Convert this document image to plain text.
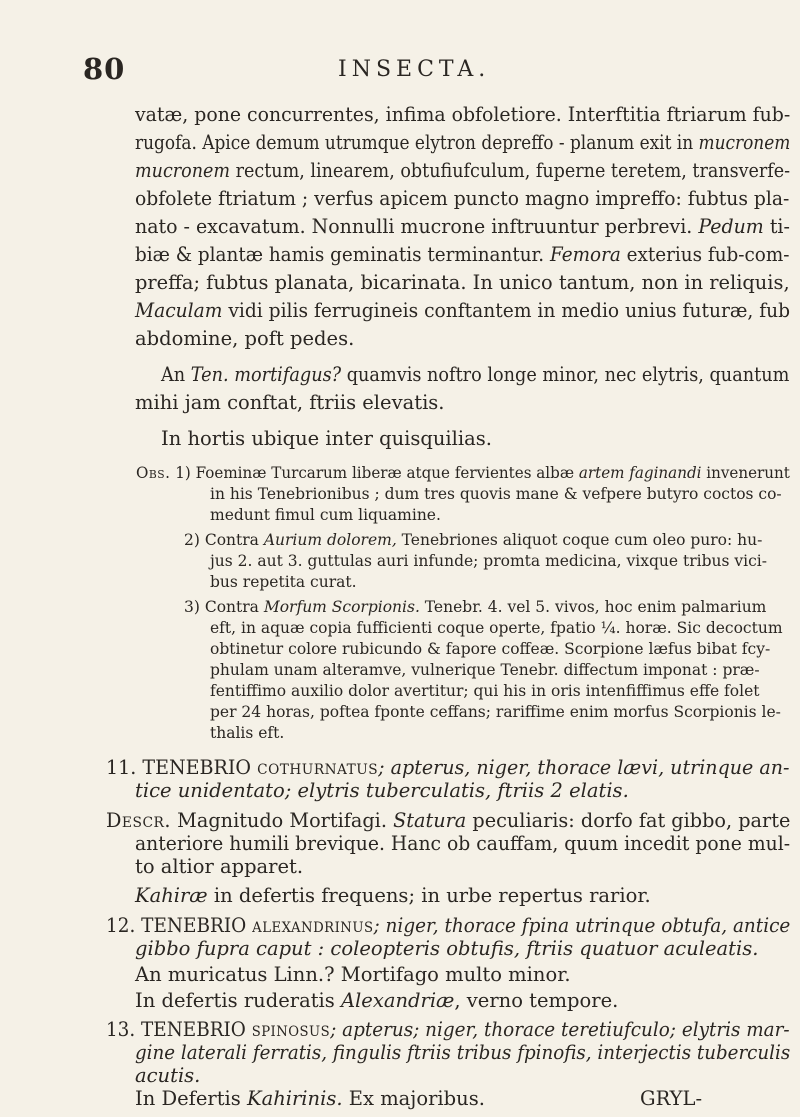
80	INSECTA.
vatæ, pone concurrentes, infima obfoletiore. Interftitia ftriarum fub-
rugofa. Apice demum utrumque elytron depreffo - planum exit in mucronem
mucronem rectum, linearem, obtufiufculum, fuperne teretem, transverfe-
obfolete ftriatum ; verfus apicem puncto magno impreffo: fubtus pla-
nato - excavatum. Nonnulli mucrone inftruuntur perbrevi. Pedum ti-
biæ & plantæ hamis geminatis terminantur. Femora exterius fub-com-
preffa; fubtus planata, bicarinata. In unico tantum, non in reliquis,
Maculam vidi pilis ferrugineis conftantem in medio unius futuræ, fub
abdomine, poft pedes.
An Ten. mortifagus? quamvis noftro longe minor, nec elytris, quantum
mihi jam conftat, ftriis elevatis.
In hortis ubique inter quisquilias.
Obs. 1) Foeminæ Turcarum liberæ atque fervientes albæ artem faginandi invenerunt
in his Tenebrionibus ; dum tres quovis mane & vefpere butyro coctos co-
medunt fimul cum liquamine.
2) Contra Aurium dolorem, Tenebriones aliquot coque cum oleo puro: hu-
jus 2. aut 3. guttulas auri infunde; promta medicina, vixque tribus vici-
bus repetita curat.
3) Contra Morfum Scorpionis. Tenebr. 4. vel 5. vivos, hoc enim palmarium
eft, in aquæ copia fufficienti coque operte, fpatio ¼. horæ. Sic decoctum
obtinetur colore rubicundo & fapore coffeæ. Scorpione læfus bibat fcy-
phulam unam alteramve, vulnerique Tenebr. diffectum imponat : præ-
fentiffimo auxilio dolor avertitur; qui his in oris intenfiffimus effe folet
per 24 horas, poftea fponte ceffans; rariffime enim morfus Scorpionis le-
thalis eft.
11. TENEBRIO cothurnatus; apterus, niger, thorace lævi, utrinque an-
tice unidentato; elytris tuberculatis, ftriis 2 elatis.
Descr. Magnitudo Mortifagi. Statura peculiaris: dorfo fat gibbo, parte
anteriore humili brevique. Hanc ob cauffam, quum incedit pone mul-
to altior apparet.
Kahiræ in defertis frequens; in urbe repertus rarior.
12. TENEBRIO alexandrinus; niger, thorace fpina utrinque obtufa, antice
gibbo fupra caput : coleopteris obtufis, ftriis quatuor aculeatis.
An muricatus Linn.? Mortifago multo minor.
In defertis ruderatis Alexandriæ, verno tempore.
13. TENEBRIO spinosus; apterus; niger, thorace teretiufculo; elytris mar-
gine laterali ferratis, fingulis ftriis tribus fpinofis, interjectis tuberculis
acutis.
In Defertis Kahirinis. Ex majoribus.	GRYL-
